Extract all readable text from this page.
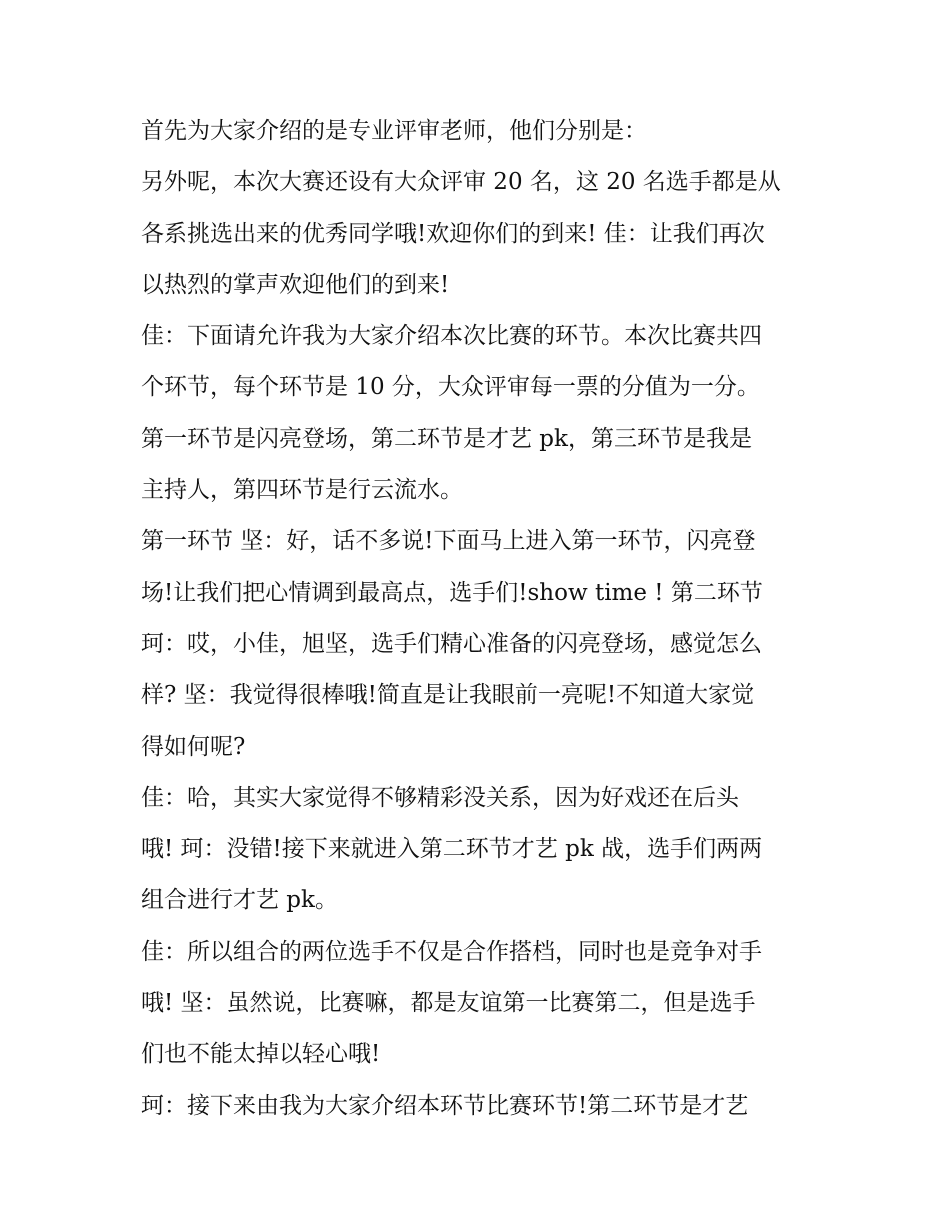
首先为大家介绍的是专业评审老师，他们分别是：
另外呢，本次大赛还设有大众评审 20 名，这 20 名选手都是从
各系挑选出来的优秀同学哦!欢迎你们的到来! 佳：让我们再次
以热烈的掌声欢迎他们的到来!
佳：下面请允许我为大家介绍本次比赛的环节。本次比赛共四
个环节，每个环节是 10 分，大众评审每一票的分值为一分。
第一环节是闪亮登场，第二环节是才艺 pk，第三环节是我是
主持人，第四环节是行云流水。
第一环节 坚：好，话不多说!下面马上进入第一环节，闪亮登
场!让我们把心情调到最高点，选手们!show time ! 第二环节
珂：哎，小佳，旭坚，选手们精心准备的闪亮登场，感觉怎么
样? 坚：我觉得很棒哦!简直是让我眼前一亮呢!不知道大家觉
得如何呢?
佳：哈，其实大家觉得不够精彩没关系，因为好戏还在后头
哦! 珂：没错!接下来就进入第二环节才艺 pk 战，选手们两两
组合进行才艺 pk。
佳：所以组合的两位选手不仅是合作搭档，同时也是竞争对手
哦! 坚：虽然说，比赛嘛，都是友谊第一比赛第二，但是选手
们也不能太掉以轻心哦!
珂：接下来由我为大家介绍本环节比赛环节!第二环节是才艺
